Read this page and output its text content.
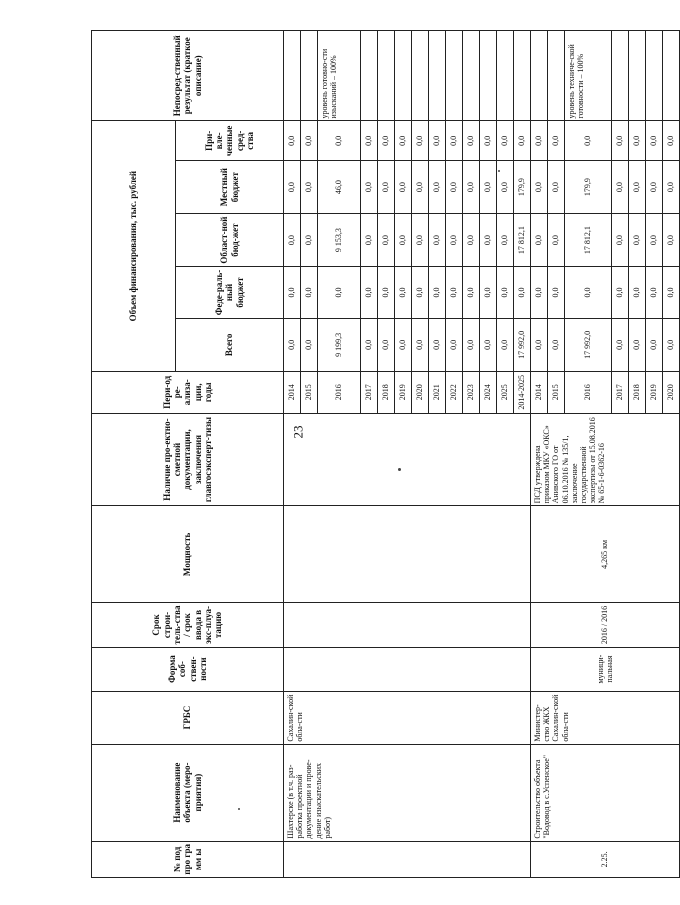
23
№ под про гра мм ы	Наименование объекта (меро-приятия)	ГРБС	Форма соб-ствен-ности	Срок строи-тель-ства / срок ввода в экс-плуа-тацию	Мощность	Наличие про-ектно-сметной документации, заключения главгосэксперт-тизы	Пери-од ре-ализа-ции, годы	Объем финансирования, тыс. рублей					Непосред-ственный результат (краткое описание)
								Всего	Феде-раль-ный бюджет	Област-ной бюд-жет	Местный бюджет	При-вле-ченные сред-ства	
	Шахтерске (в т.ч. раз-работка проектной документации и прове-дение изыскательских работ)	Сахалин-ской обла-сти					2014	0,0	0,0	0,0	0,0	0,0	
							2015	0,0	0,0	0,0	0,0	0,0	
							2016	9 199,3	0,0	9 153,3	46,0	0,0	уровень готовно-сти изысканий – 100%
							2017	0,0	0,0	0,0	0,0	0,0	
							2018	0,0	0,0	0,0	0,0	0,0	
							2019	0,0	0,0	0,0	0,0	0,0	
							2020	0,0	0,0	0,0	0,0	0,0	
							2021	0,0	0,0	0,0	0,0	0,0	
							2022	0,0	0,0	0,0	0,0	0,0	
							2023	0,0	0,0	0,0	0,0	0,0	
							2024	0,0	0,0	0,0	0,0	0,0	
							2025	0,0	0,0	0,0	0,0	0,0	
							2014-2025	17 992,0	0,0	17 812,1	179,9	0,0	
2.25.	Строительство объекта "Водовод в с.Успенское"	Министер-ство ЖКХ Сахалин-ской обла-сти	муници-пальная	2016 / 2016	4,265 км	ПСД утверждена приказом МКУ «ОКС» Анивского ГО от 06.10.2016 № 135/1, заключение государственной экспертизы от 15.08.2016 № 65-1-6-0362-16	2014	0,0	0,0	0,0	0,0	0,0	
							2015	0,0	0,0	0,0	0,0	0,0	
							2016	17 992,0	0,0	17 812,1	179,9	0,0	уровень техниче-ской готовности – 100%
							2017	0,0	0,0	0,0	0,0	0,0	
							2018	0,0	0,0	0,0	0,0	0,0	
							2019	0,0	0,0	0,0	0,0	0,0	
							2020	0,0	0,0	0,0	0,0	0,0	
